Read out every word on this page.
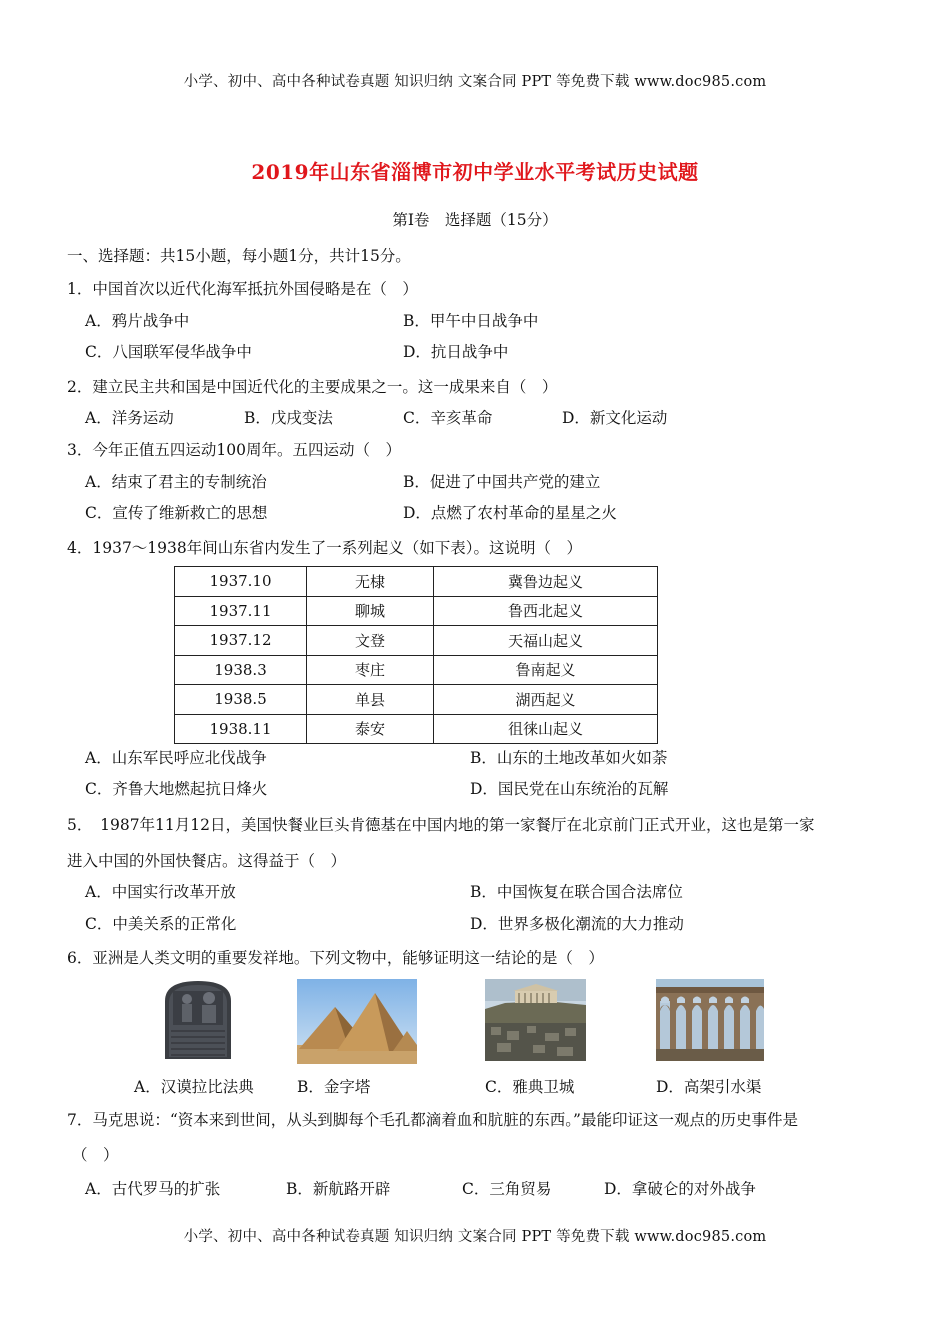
小学、初中、高中各种试卷真题 知识归纳 文案合同 PPT 等免费下载 www.doc985.com
2019年山东省淄博市初中学业水平考试历史试题
第Ⅰ卷　选择题（15分）
一、选择题：共15小题，每小题1分，共计15分。
1．中国首次以近代化海军抵抗外国侵略是在（　）
A．鸦片战争中	B．甲午中日战争中
C．八国联军侵华战争中	D．抗日战争中
2．建立民主共和国是中国近代化的主要成果之一。这一成果来自（　）
A．洋务运动	B．戊戌变法	C．辛亥革命	D．新文化运动
3．今年正值五四运动100周年。五四运动（　）
A．结束了君主的专制统治	B．促进了中国共产党的建立
C．宣传了维新救亡的思想	D．点燃了农村革命的星星之火
4．1937～1938年间山东省内发生了一系列起义（如下表）。这说明（　）
1937.10	无棣	冀鲁边起义
1937.11	聊城	鲁西北起义
1937.12	文登	天福山起义
1938.3	枣庄	鲁南起义
1938.5	单县	湖西起义
1938.11	泰安	徂徕山起义
A．山东军民呼应北伐战争	B．山东的土地改革如火如荼
C．齐鲁大地燃起抗日烽火	D．国民党在山东统治的瓦解
5．　1987年11月12日，美国快餐业巨头肯德基在中国内地的第一家餐厅在北京前门正式开业，这也是第一家
进入中国的外国快餐店。这得益于（　）
A．中国实行改革开放	B．中国恢复在联合国合法席位
C．中美关系的正常化	D．世界多极化潮流的大力推动
6．亚洲是人类文明的重要发祥地。下列文物中，能够证明这一结论的是（　）
A．汉谟拉比法典	B．金字塔	C．雅典卫城	D．高架引水渠
7．马克思说：“资本来到世间，从头到脚每个毛孔都滴着血和肮脏的东西。”最能印证这一观点的历史事件是
（　）
A．古代罗马的扩张	B．新航路开辟	C．三角贸易	D．拿破仑的对外战争
小学、初中、高中各种试卷真题 知识归纳 文案合同 PPT 等免费下载 www.doc985.com
